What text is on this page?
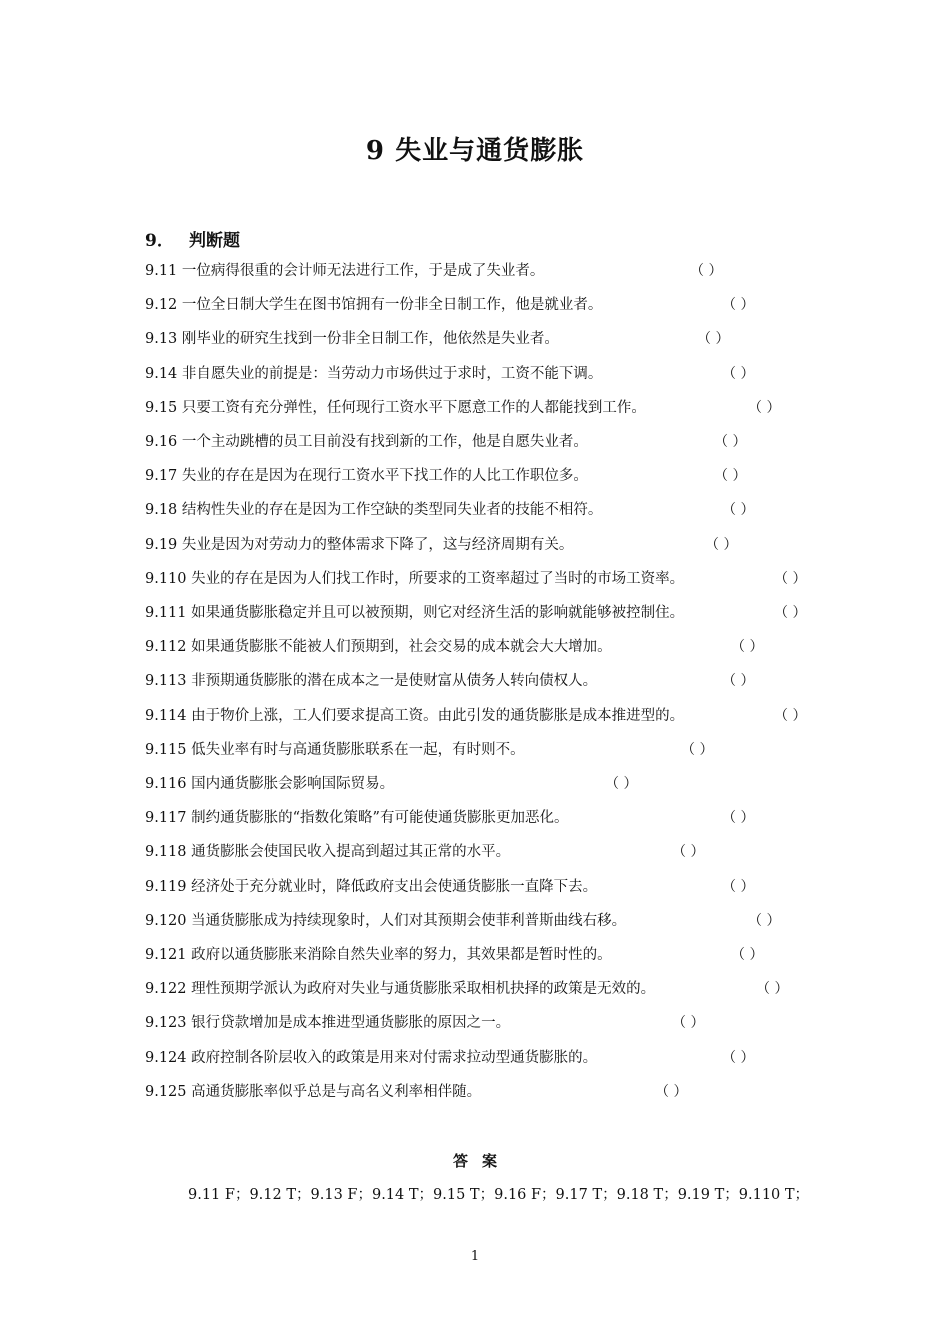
9 失业与通货膨胀
9． 判断题
9.11 一位病得很重的会计师无法进行工作，于是成了失业者。	（ ）
9.12 一位全日制大学生在图书馆拥有一份非全日制工作，他是就业者。	（ ）
9.13 刚毕业的研究生找到一份非全日制工作，他依然是失业者。	（ ）
9.14 非自愿失业的前提是：当劳动力市场供过于求时，工资不能下调。	（ ）
9.15 只要工资有充分弹性，任何现行工资水平下愿意工作的人都能找到工作。	（ ）
9.16 一个主动跳槽的员工目前没有找到新的工作，他是自愿失业者。	（ ）
9.17 失业的存在是因为在现行工资水平下找工作的人比工作职位多。	（ ）
9.18 结构性失业的存在是因为工作空缺的类型同失业者的技能不相符。	（ ）
9.19 失业是因为对劳动力的整体需求下降了，这与经济周期有关。	（ ）
9.110 失业的存在是因为人们找工作时，所要求的工资率超过了当时的市场工资率。	（ ）
9.111 如果通货膨胀稳定并且可以被预期，则它对经济生活的影响就能够被控制住。	（ ）
9.112 如果通货膨胀不能被人们预期到，社会交易的成本就会大大增加。	（ ）
9.113 非预期通货膨胀的潜在成本之一是使财富从债务人转向债权人。	（ ）
9.114 由于物价上涨，工人们要求提高工资。由此引发的通货膨胀是成本推进型的。	（ ）
9.115 低失业率有时与高通货膨胀联系在一起，有时则不。	（ ）
9.116 国内通货膨胀会影响国际贸易。	（ ）
9.117 制约通货膨胀的“指数化策略”有可能使通货膨胀更加恶化。	（ ）
9.118 通货膨胀会使国民收入提高到超过其正常的水平。	（ ）
9.119 经济处于充分就业时，降低政府支出会使通货膨胀一直降下去。	（ ）
9.120 当通货膨胀成为持续现象时，人们对其预期会使菲利普斯曲线右移。	（ ）
9.121 政府以通货膨胀来消除自然失业率的努力，其效果都是暂时性的。	（ ）
9.122 理性预期学派认为政府对失业与通货膨胀采取相机抉择的政策是无效的。	（ ）
9.123 银行贷款增加是成本推进型通货膨胀的原因之一。	（ ）
9.124 政府控制各阶层收入的政策是用来对付需求拉动型通货膨胀的。	（ ）
9.125 高通货膨胀率似乎总是与高名义利率相伴随。	（ ）
答案
9.11 F；9.12 T；9.13 F；9.14 T；9.15 T；9.16 F；9.17 T；9.18 T；9.19 T；9.110 T；
1
